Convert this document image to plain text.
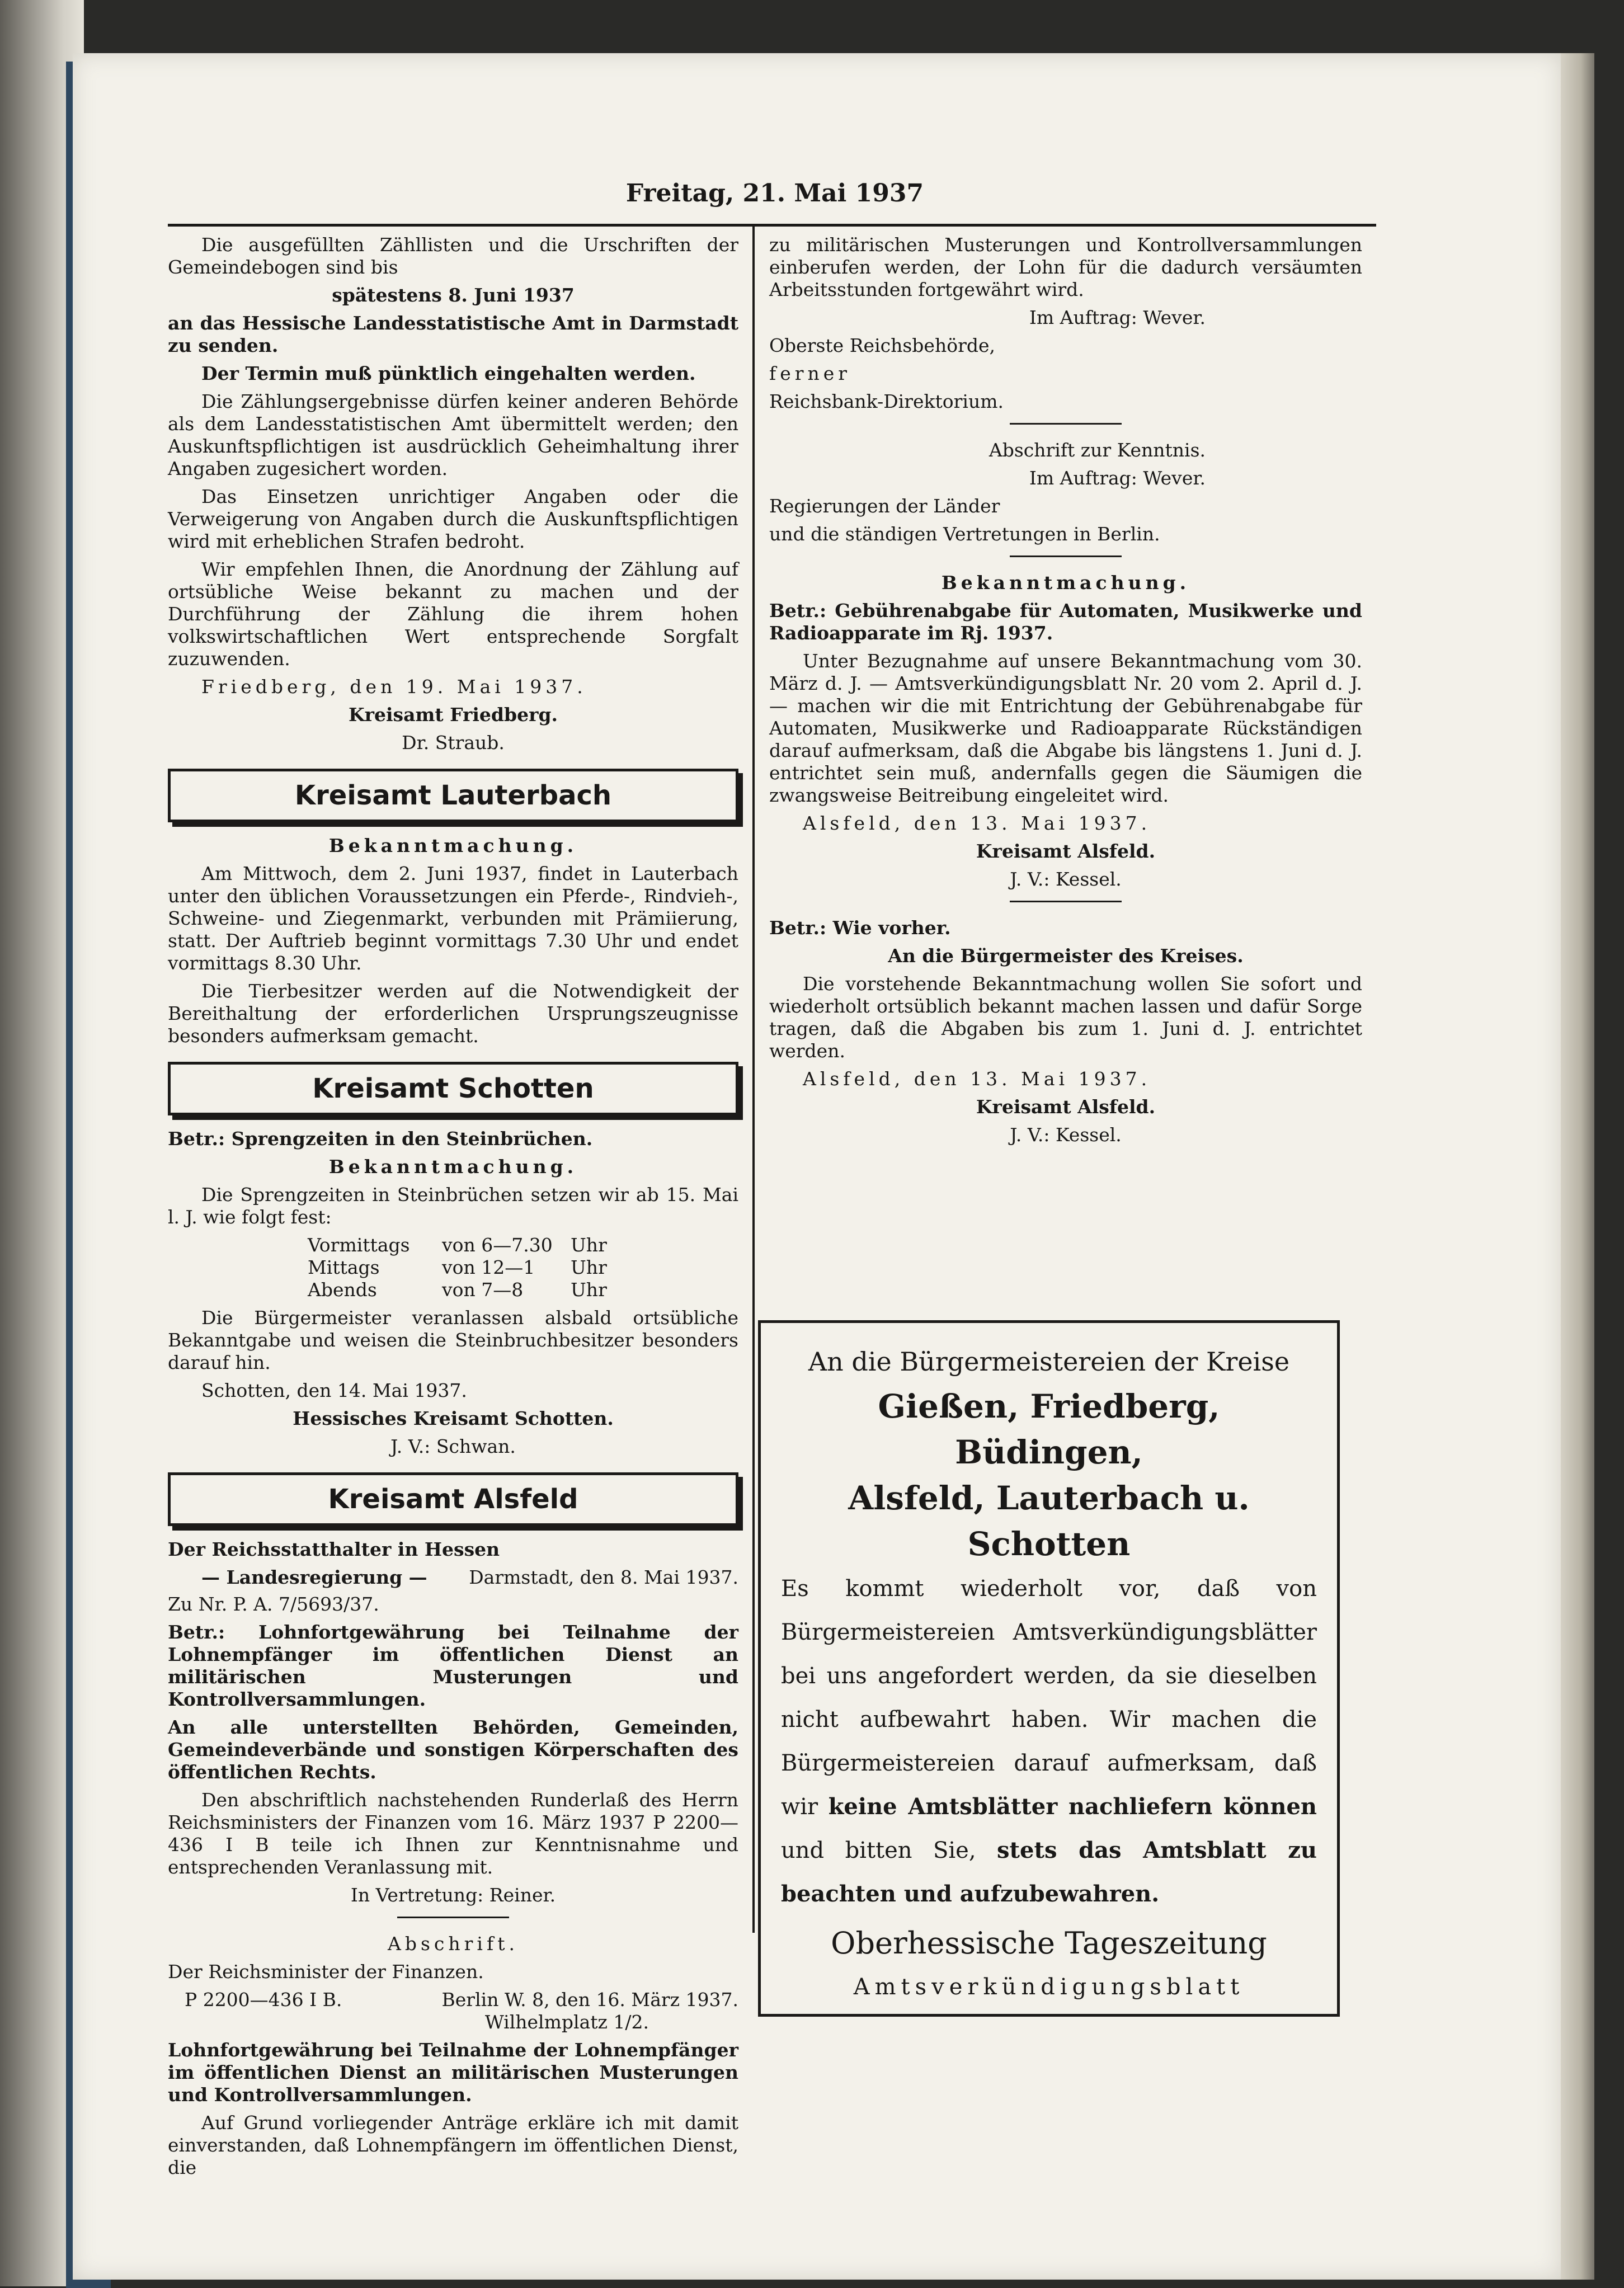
Freitag, 21. Mai 1937

Die ausgefüllten Zähllisten und die Urschriften der Gemeindebogen sind bis

spätestens 8. Juni 1937

an das Hessische Landesstatistische Amt in Darmstadt zu senden.

Der Termin muß pünktlich eingehalten werden.

Die Zählungsergebnisse dürfen keiner anderen Behörde als dem Landesstatistischen Amt übermittelt werden; den Auskunftspflichtigen ist ausdrücklich Geheimhaltung ihrer Angaben zugesichert worden.

Das Einsetzen unrichtiger Angaben oder die Verweigerung von Angaben durch die Auskunftspflichtigen wird mit erheblichen Strafen bedroht.

Wir empfehlen Ihnen, die Anordnung der Zählung auf ortsübliche Weise bekannt zu machen und der Durchführung der Zählung die ihrem hohen volkswirtschaftlichen Wert entsprechende Sorgfalt zuzuwenden.

Friedberg, den 19. Mai 1937.

Kreisamt Friedberg.

Dr. Straub.

Kreisamt Lauterbach

Bekanntmachung.

Am Mittwoch, dem 2. Juni 1937, findet in Lauterbach unter den üblichen Voraussetzungen ein Pferde-, Rindvieh-, Schweine- und Ziegenmarkt, verbunden mit Prämiierung, statt. Der Auftrieb beginnt vormittags 7.30 Uhr und endet vormittags 8.30 Uhr.

Die Tierbesitzer werden auf die Notwendigkeit der Bereithaltung der erforderlichen Ursprungszeugnisse besonders aufmerksam gemacht.

Kreisamt Schotten

Betr.: Sprengzeiten in den Steinbrüchen.

Bekanntmachung.

Die Sprengzeiten in Steinbrüchen setzen wir ab 15. Mai l. J. wie folgt fest:

Vormittags	von 6—7.30 Uhr
Mittags	von 12—1	Uhr
Abends	von 7—8	Uhr

Die Bürgermeister veranlassen alsbald ortsübliche Bekanntgabe und weisen die Steinbruchbesitzer besonders darauf hin.

Schotten, den 14. Mai 1937.

Hessisches Kreisamt Schotten.

J. V.: Schwan.

Kreisamt Alsfeld

Der Reichsstatthalter in Hessen

— Landesregierung — Darmstadt, den 8. Mai 1937.

Zu Nr. P. A. 7/5693/37.

Betr.: Lohnfortgewährung bei Teilnahme der Lohnempfänger im öffentlichen Dienst an militärischen Musterungen und Kontrollversammlungen.

An alle unterstellten Behörden, Gemeinden, Gemeindeverbände und sonstigen Körperschaften des öffentlichen Rechts.

Den abschriftlich nachstehenden Runderlaß des Herrn Reichsministers der Finanzen vom 16. März 1937 P 2200—436 I B teile ich Ihnen zur Kenntnisnahme und entsprechenden Veranlassung mit.

In Vertretung: Reiner.

Abschrift.

Der Reichsminister der Finanzen.

P 2200—436 I B.	Berlin W. 8, den 16. März 1937.

Wilhelmplatz 1/2.

Lohnfortgewährung bei Teilnahme der Lohnempfänger im öffentlichen Dienst an militärischen Musterungen und Kontrollversammlungen.

Auf Grund vorliegender Anträge erkläre ich mit damit einverstanden, daß Lohnempfängern im öffentlichen Dienst, die

zu militärischen Musterungen und Kontrollversammlungen einberufen werden, der Lohn für die dadurch versäumten Arbeitsstunden fortgewährt wird.

Im Auftrag: Wever.

Oberste Reichsbehörde,

ferner

Reichsbank-Direktorium.

Abschrift zur Kenntnis.

Im Auftrag: Wever.

Regierungen der Länder

und die ständigen Vertretungen in Berlin.

Bekanntmachung.

Betr.: Gebührenabgabe für Automaten, Musikwerke und Radioapparate im Rj. 1937.

Unter Bezugnahme auf unsere Bekanntmachung vom 30. März d. J. — Amtsverkündigungsblatt Nr. 20 vom 2. April d. J. — machen wir die mit Entrichtung der Gebührenabgabe für Automaten, Musikwerke und Radioapparate Rückständigen darauf aufmerksam, daß die Abgabe bis längstens 1. Juni d. J. entrichtet sein muß, andernfalls gegen die Säumigen die zwangsweise Beitreibung eingeleitet wird.

Alsfeld, den 13. Mai 1937.

Kreisamt Alsfeld.

J. V.: Kessel.

Betr.: Wie vorher.

An die Bürgermeister des Kreises.

Die vorstehende Bekanntmachung wollen Sie sofort und wiederholt ortsüblich bekannt machen lassen und dafür Sorge tragen, daß die Abgaben bis zum 1. Juni d. J. entrichtet werden.

Alsfeld, den 13. Mai 1937.

Kreisamt Alsfeld.

J. V.: Kessel.

An die Bürgermeistereien der Kreise

Gießen, Friedberg, Büdingen,

Alsfeld, Lauterbach u. Schotten

Es kommt wiederholt vor, daß von Bürgermeistereien Amtsverkündigungsblätter bei uns angefordert werden, da sie dieselben nicht aufbewahrt haben. Wir machen die Bürgermeistereien darauf aufmerksam, daß wir keine Amtsblätter nachliefern können und bitten Sie, stets das Amtsblatt zu beachten und aufzubewahren.

Oberhessische Tageszeitung

Amtsverkündigungsblatt
